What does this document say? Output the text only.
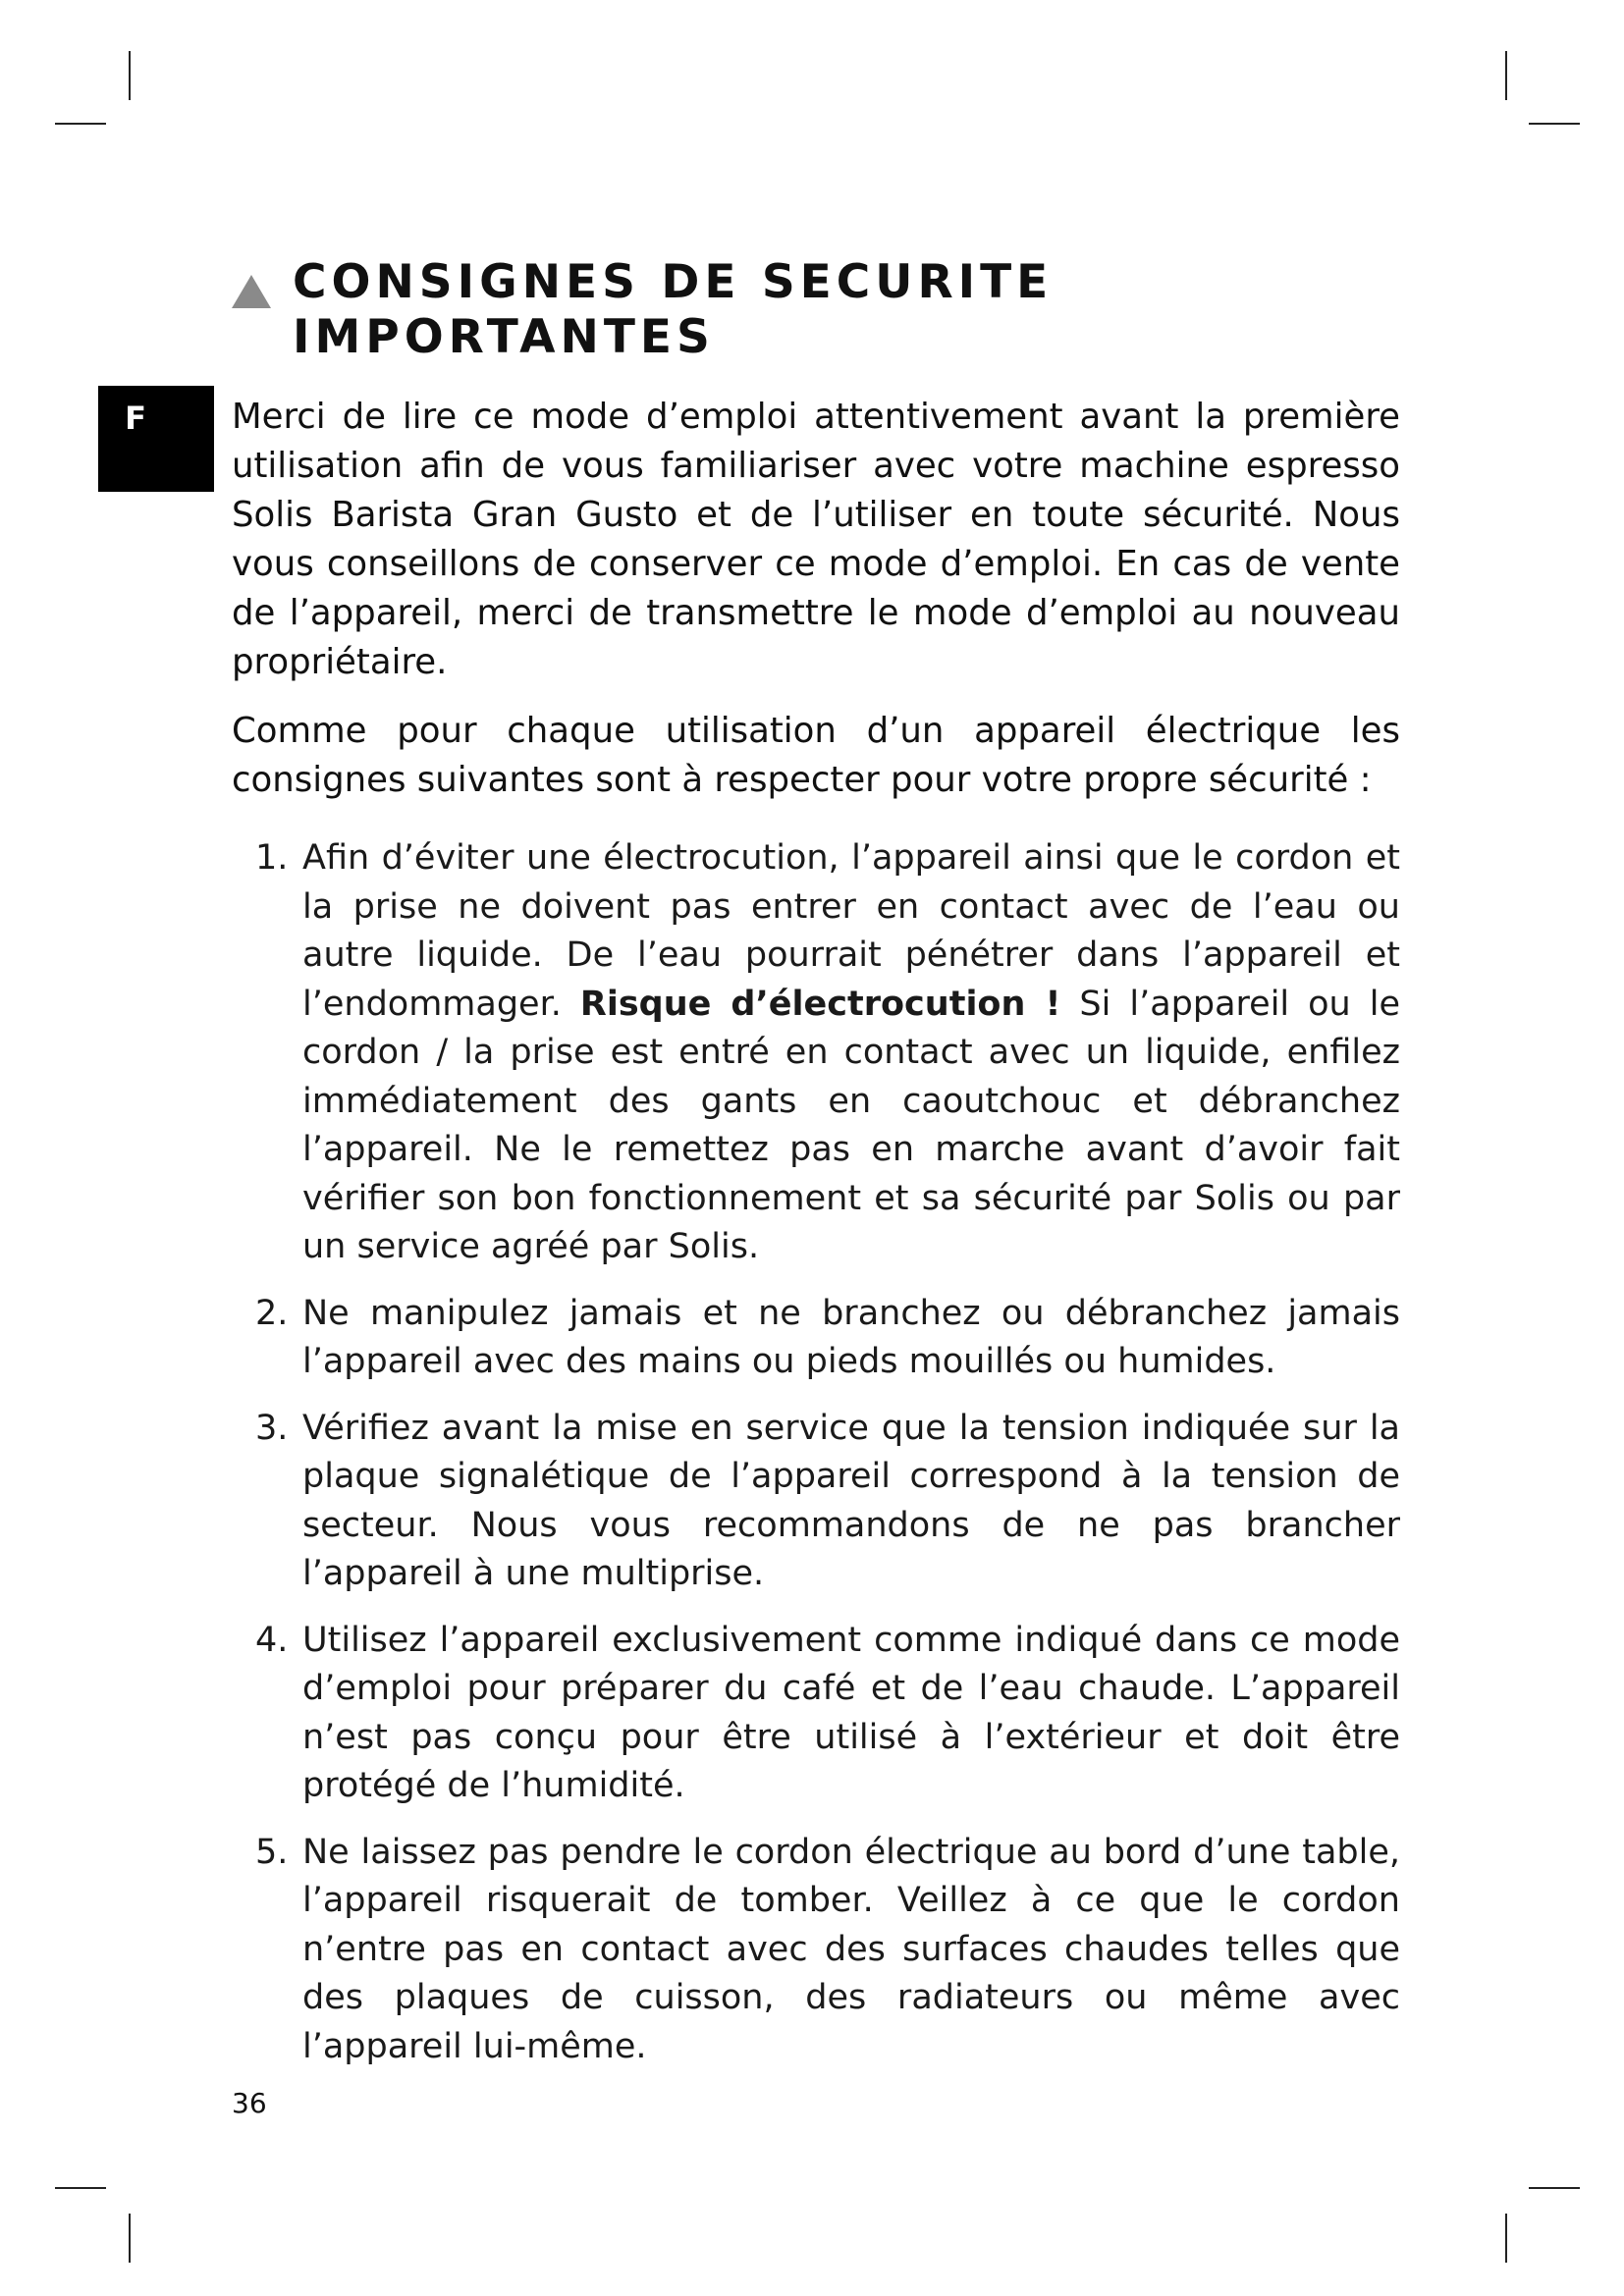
F
CONSIGNES DE SECURITE
IMPORTANTES

Merci de lire ce mode d’emploi attentivement avant la première utilisation afin de vous familiariser avec votre machine espresso Solis Barista Gran Gusto et de l’utiliser en toute sécurité. Nous vous conseillons de conserver ce mode d’emploi. En cas de vente de l’appareil, merci de transmettre le mode d’emploi au nouveau propriétaire.

Comme pour chaque utilisation d’un appareil électrique les consignes suivantes sont à respecter pour votre propre sécurité :

1. Afin d’éviter une électrocution, l’appareil ainsi que le cordon et la prise ne doivent pas entrer en contact avec de l’eau ou autre liquide. De l’eau pourrait pénétrer dans l’appareil et l’endommager. Risque d’électrocution ! Si l’appareil ou le cordon / la prise est entré en contact avec un liquide, enfilez immédiatement des gants en caoutchouc et débranchez l’appareil. Ne le remettez pas en marche avant d’avoir fait vérifier son bon fonctionnement et sa sécurité par Solis ou par un service agréé par Solis.
2. Ne manipulez jamais et ne branchez ou débranchez jamais l’appareil avec des mains ou pieds mouillés ou humides.
3. Vérifiez avant la mise en service que la tension indiquée sur la plaque signalétique de l’appareil correspond à la tension de secteur. Nous vous recommandons de ne pas brancher l’appareil à une multiprise.
4. Utilisez l’appareil exclusivement comme indiqué dans ce mode d’emploi pour préparer du café et de l’eau chaude. L’appareil n’est pas conçu pour être utilisé à l’extérieur et doit être protégé de l’humidité.
5. Ne laissez pas pendre le cordon électrique au bord d’une table, l’appareil risquerait de tomber. Veillez à ce que le cordon n’entre pas en contact avec des surfaces chaudes telles que des plaques de cuisson, des radiateurs ou même avec l’appareil lui-même.
36
